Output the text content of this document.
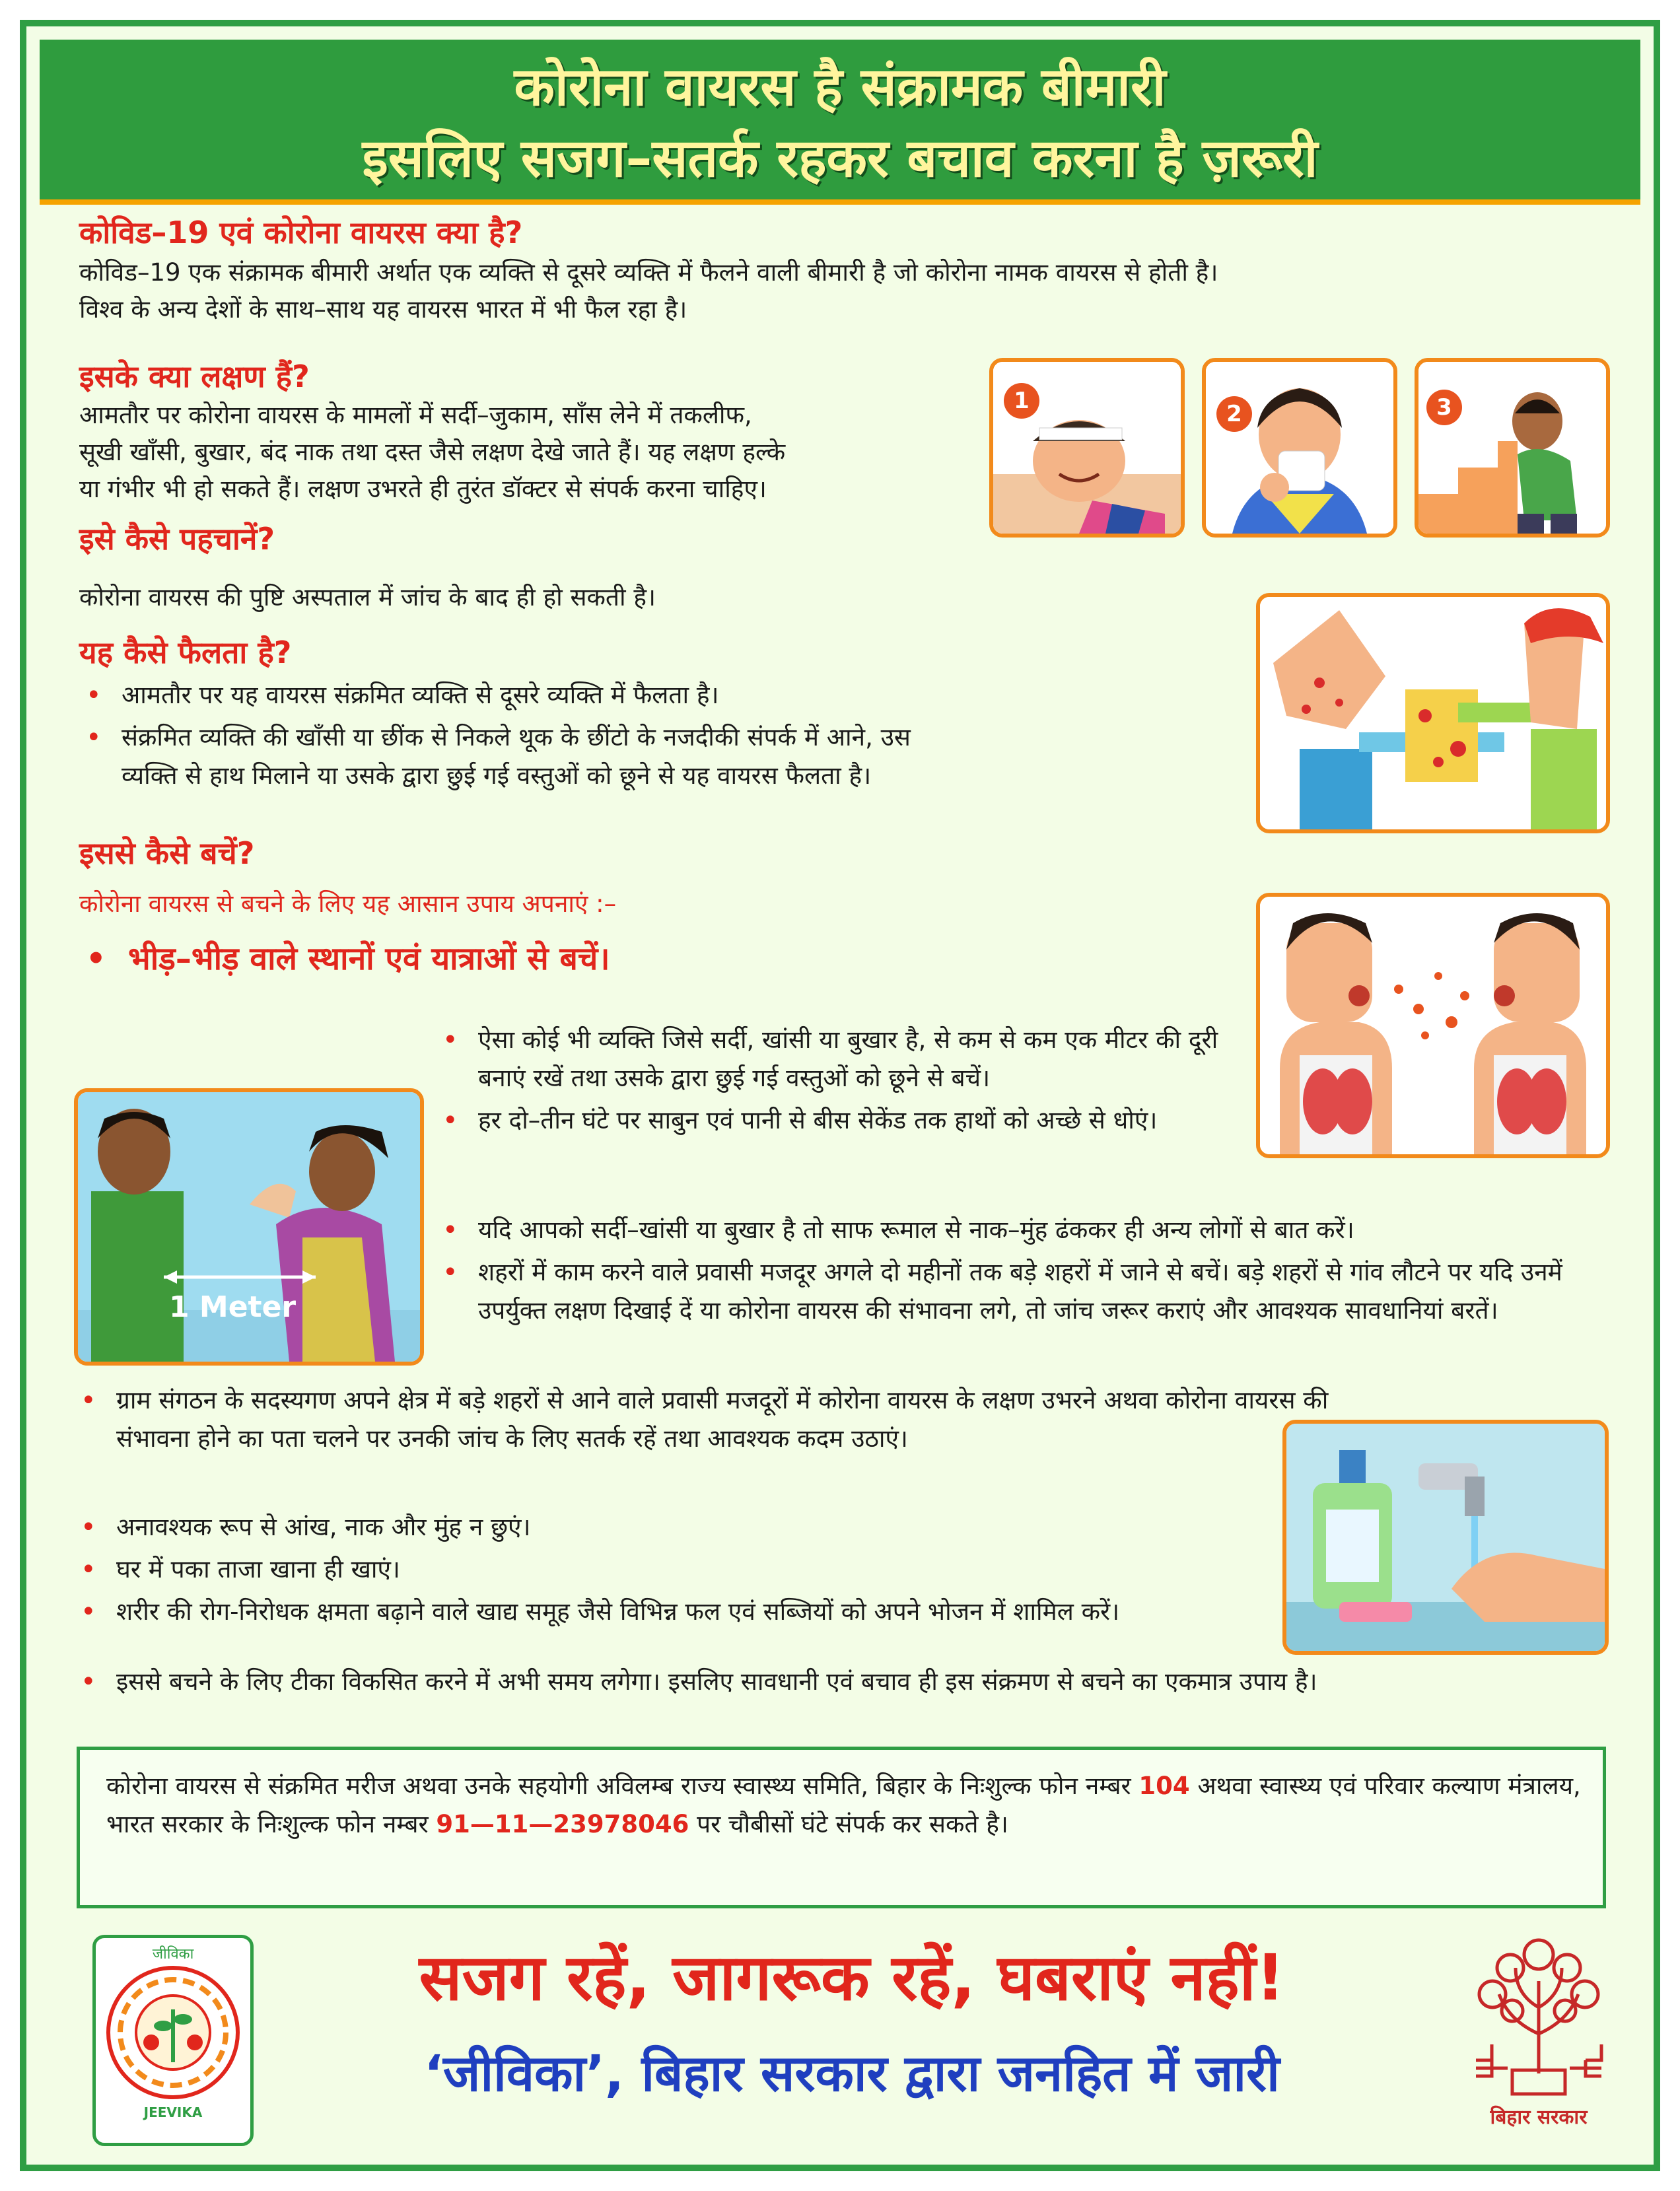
कोरोना वायरस है संक्रामक बीमारी
इसलिए सजग–सतर्क रहकर बचाव करना है ज़रूरी
कोविड–19 एवं कोरोना वायरस क्या है?
कोविड–19 एक संक्रामक बीमारी अर्थात एक व्यक्ति से दूसरे व्यक्ति में फैलने वाली बीमारी है जो कोरोना नामक वायरस से होती है।
विश्व के अन्य देशों के साथ–साथ यह वायरस भारत में भी फैल रहा है।
इसके क्या लक्षण हैं?
आमतौर पर कोरोना वायरस के मामलों में सर्दी–जुकाम, साँस लेने में तकलीफ,
सूखी खाँसी, बुखार, बंद नाक तथा दस्त जैसे लक्षण देखे जाते हैं। यह लक्षण हल्के
या गंभीर भी हो सकते हैं। लक्षण उभरते ही तुरंत डॉक्टर से संपर्क करना चाहिए।
1	2	3
इसे कैसे पहचानें?
कोरोना वायरस की पुष्टि अस्पताल में जांच के बाद ही हो सकती है।
यह कैसे फैलता है?
• आमतौर पर यह वायरस संक्रमित व्यक्ति से दूसरे व्यक्ति में फैलता है।
• संक्रमित व्यक्ति की खाँसी या छींक से निकले थूक के छींटो के नजदीकी संपर्क में आने, उस व्यक्ति से हाथ मिलाने या उसके द्वारा छुई गई वस्तुओं को छूने से यह वायरस फैलता है।
इससे कैसे बचें?
कोरोना वायरस से बचने के लिए यह आसान उपाय अपनाएं :–
• भीड़–भीड़ वाले स्थानों एवं यात्राओं से बचें।
1 Meter
• ऐसा कोई भी व्यक्ति जिसे सर्दी, खांसी या बुखार है, से कम से कम एक मीटर की दूरी बनाएं रखें तथा उसके द्वारा छुई गई वस्तुओं को छूने से बचें।
• हर दो–तीन घंटे पर साबुन एवं पानी से बीस सेकेंड तक हाथों को अच्छे से धोएं।
• यदि आपको सर्दी–खांसी या बुखार है तो साफ रूमाल से नाक–मुंह ढंककर ही अन्य लोगों से बात करें।
• शहरों में काम करने वाले प्रवासी मजदूर अगले दो महीनों तक बड़े शहरों में जाने से बचें। बड़े शहरों से गांव लौटने पर यदि उनमें उपर्युक्त लक्षण दिखाई दें या कोरोना वायरस की संभावना लगे, तो जांच जरूर कराएं और आवश्यक सावधानियां बरतें।
• ग्राम संगठन के सदस्यगण अपने क्षेत्र में बड़े शहरों से आने वाले प्रवासी मजदूरों में कोरोना वायरस के लक्षण उभरने अथवा कोरोना वायरस की संभावना होने का पता चलने पर उनकी जांच के लिए सतर्क रहें तथा आवश्यक कदम उठाएं।
• अनावश्यक रूप से आंख, नाक और मुंह न छुएं।
• घर में पका ताजा खाना ही खाएं।
• शरीर की रोग-निरोधक क्षमता बढ़ाने वाले खाद्य समूह जैसे विभिन्न फल एवं सब्जियों को अपने भोजन में शामिल करें।
• इससे बचने के लिए टीका विकसित करने में अभी समय लगेगा। इसलिए सावधानी एवं बचाव ही इस संक्रमण से बचने का एकमात्र उपाय है।
कोरोना वायरस से संक्रमित मरीज अथवा उनके सहयोगी अविलम्ब राज्य स्वास्थ्य समिति, बिहार के निःशुल्क फोन नम्बर 104 अथवा स्वास्थ्य एवं परिवार कल्याण मंत्रालय, भारत सरकार के निःशुल्क फोन नम्बर 91—11—23978046 पर चौबीसों घंटे संपर्क कर सकते है।
जीविका
JEEVIKA
सजग रहें, जागरूक रहें, घबराएं नहीं!
‘जीविका’, बिहार सरकार द्वारा जनहित में जारी
बिहार सरकार
